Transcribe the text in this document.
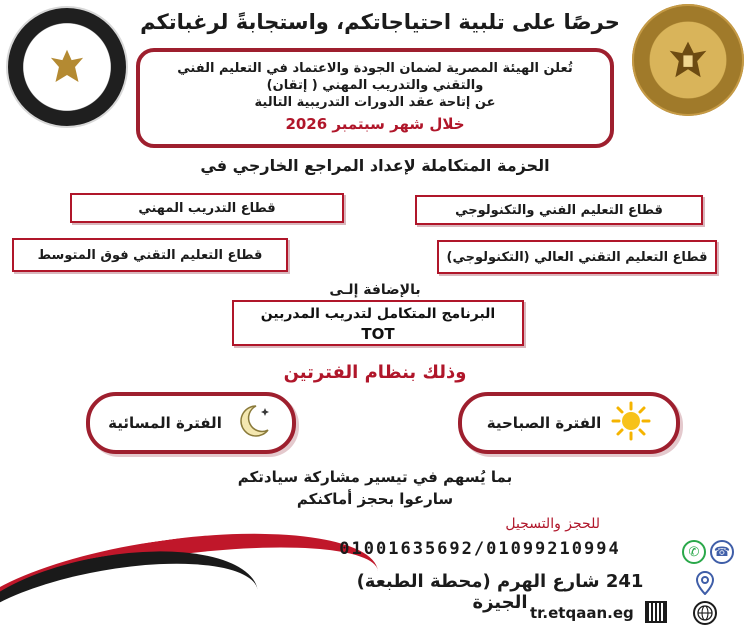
حرصًا على تلبية احتياجاتكم، واستجابةً لرغباتكم
تُعلن الهيئة المصرية لضمان الجودة والاعتماد في التعليم الفني
والتقني والتدريب المهني ( إتقان)
عن إتاحة عقد الدورات التدريبية التالية
خلال شهر سبتمبر 2026
الحزمة المتكاملة لإعداد المراجع الخارجي في
قطاع التعليم الفني والتكنولوجي
قطاع التدريب المهني
قطاع التعليم التقني العالي (التكنولوجي)
قطاع التعليم التقني فوق المتوسط
بالإضافة إلـى
البرنامج المتكامل لتدريب المدربين
TOT
وذلك بنظام الفترتين
الفترة الصباحية
الفترة المسائية
بما يُسهم في تيسير مشاركة سيادتكم
سارعوا بحجز أماكنكم
للحجز والتسجيل
☎
✆
01001635692/01099210994
241 شارع الهرم (محطة الطبعة) الجيزة tr.etqaan.eg
